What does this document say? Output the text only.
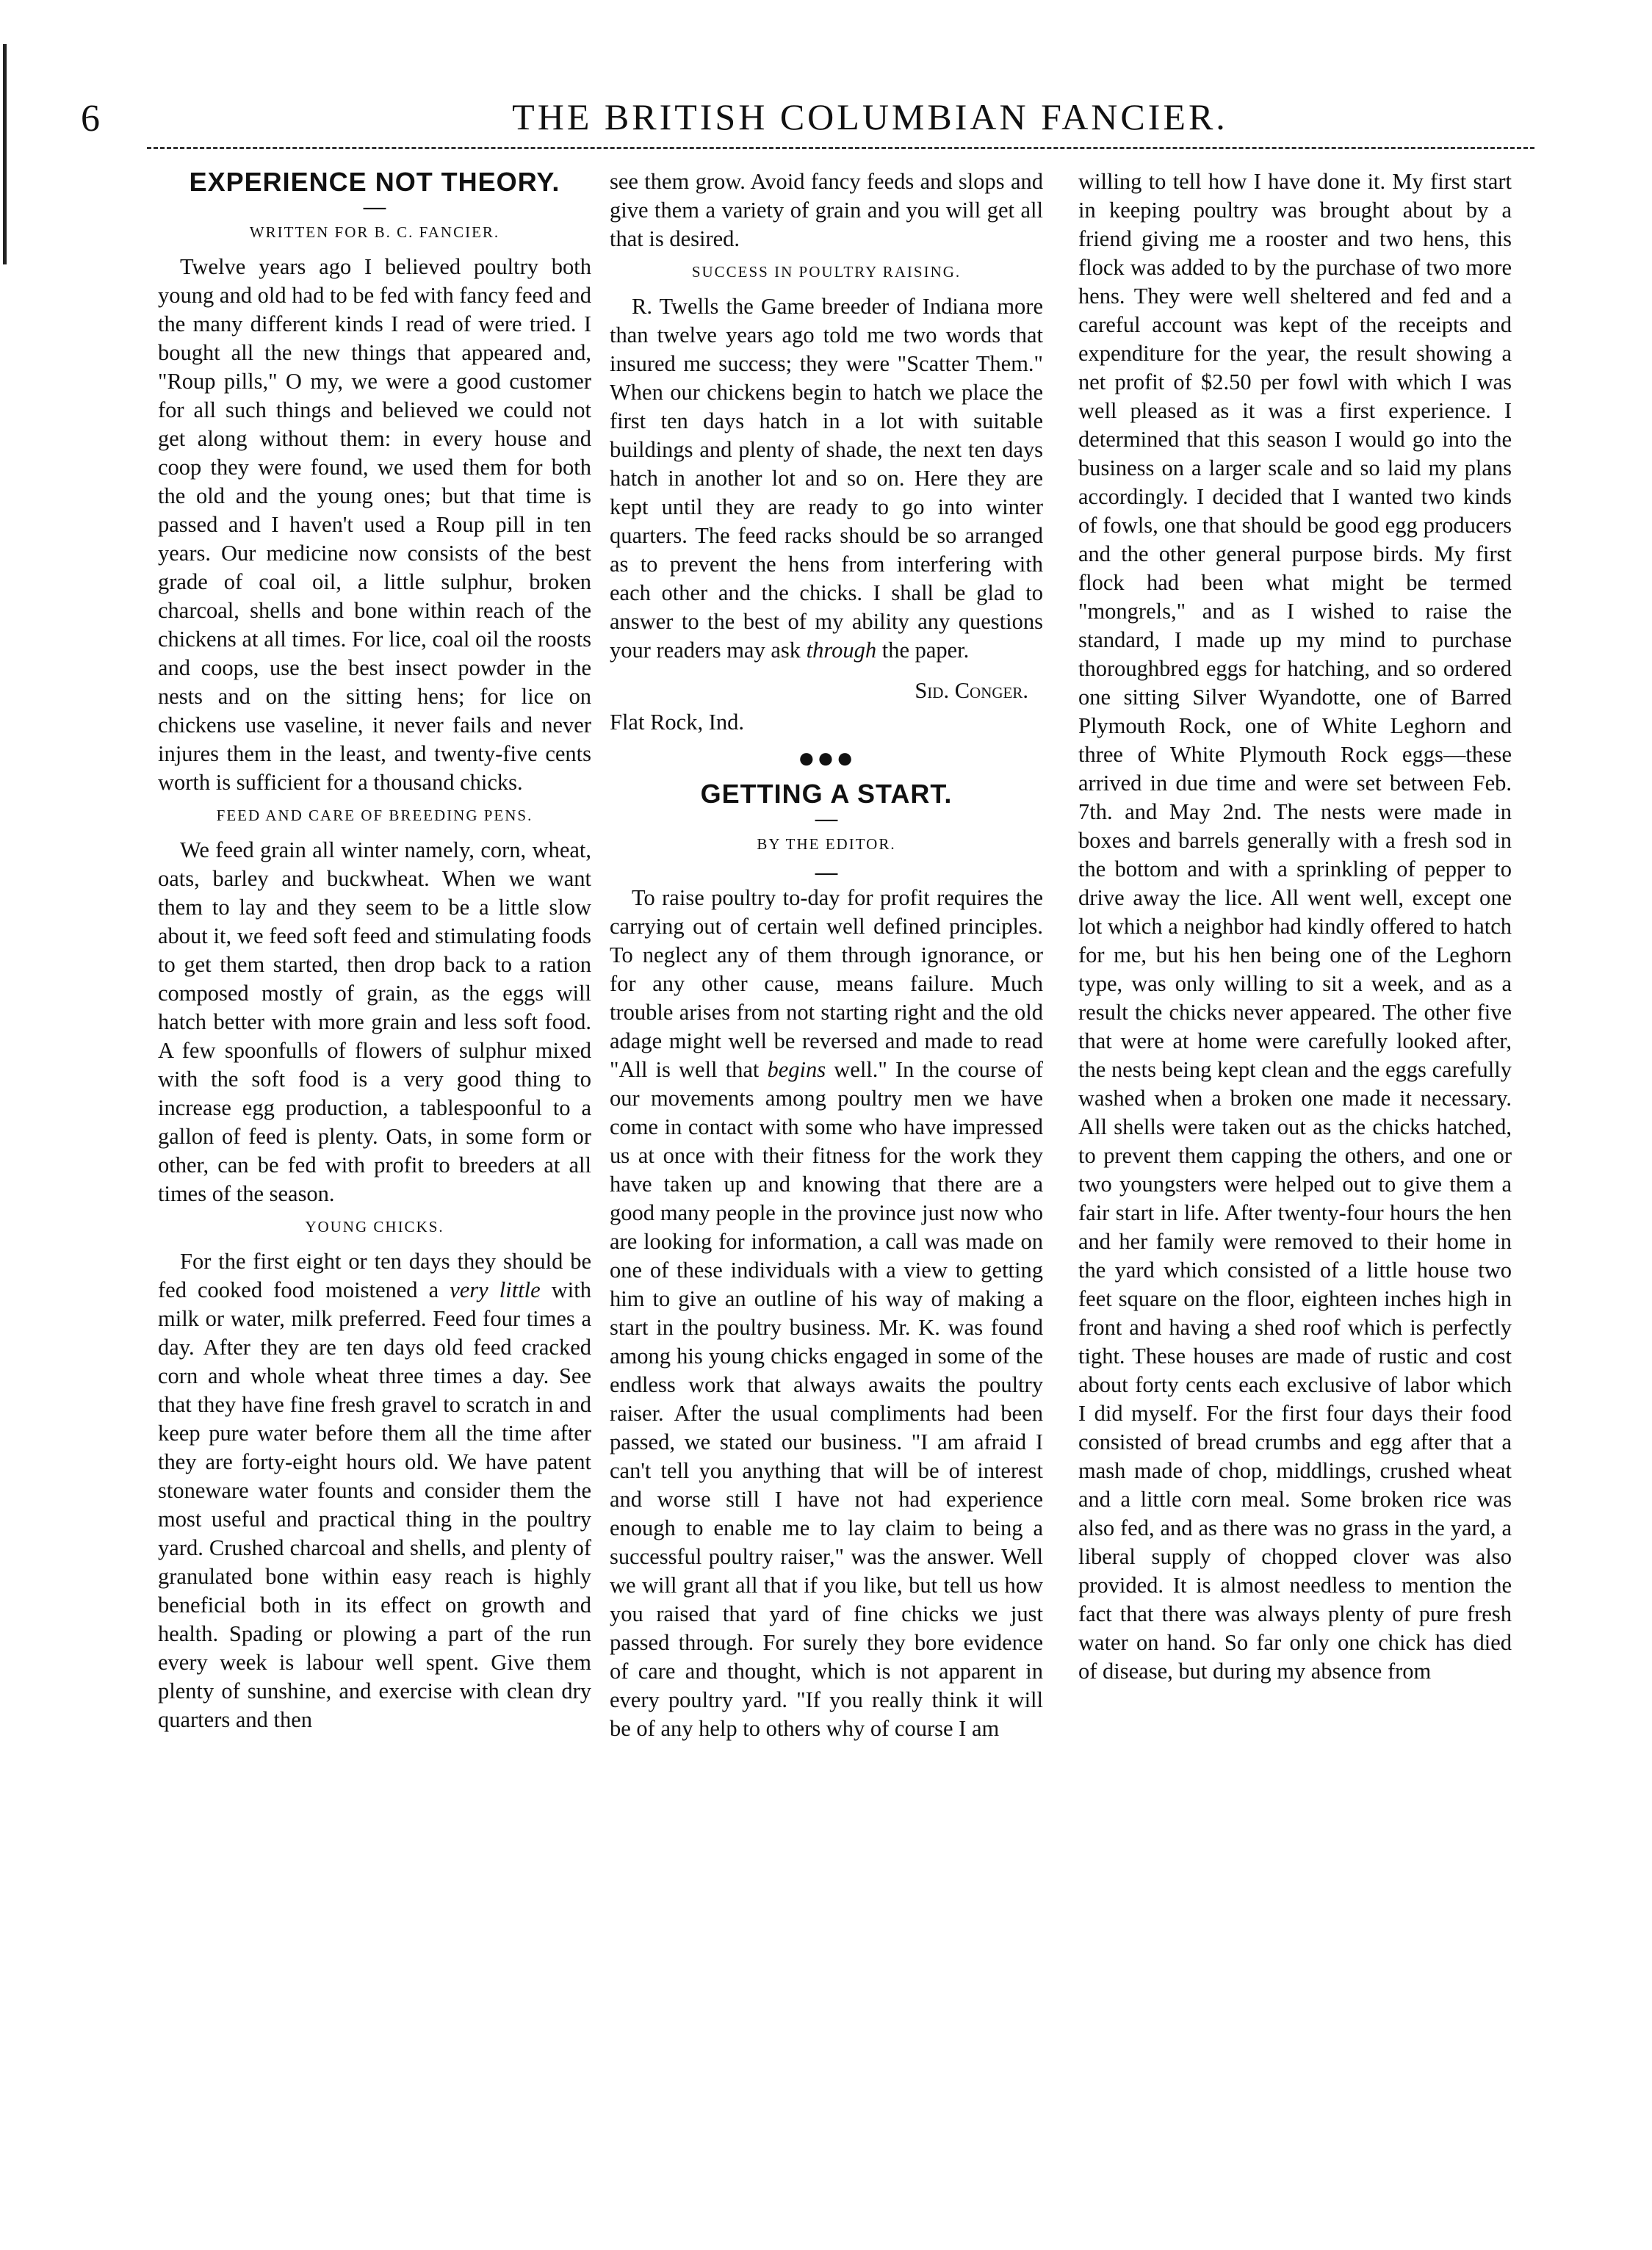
6	THE BRITISH COLUMBIAN FANCIER.
EXPERIENCE NOT THEORY.
—
WRITTEN FOR B. C. FANCIER.

Twelve years ago I believed poultry both young and old had to be fed with fancy feed and the many different kinds I read of were tried. I bought all the new things that appeared and, "Roup pills," O my, we were a good customer for all such things and believed we could not get along without them: in every house and coop they were found, we used them for both the old and the young ones; but that time is passed and I haven't used a Roup pill in ten years. Our medicine now consists of the best grade of coal oil, a little sulphur, broken charcoal, shells and bone within reach of the chickens at all times. For lice, coal oil the roosts and coops, use the best insect powder in the nests and on the sitting hens; for lice on chickens use vaseline, it never fails and never injures them in the least, and twenty-five cents worth is sufficient for a thousand chicks.

FEED AND CARE OF BREEDING PENS.

We feed grain all winter namely, corn, wheat, oats, barley and buckwheat. When we want them to lay and they seem to be a little slow about it, we feed soft feed and stimulating foods to get them started, then drop back to a ration composed mostly of grain, as the eggs will hatch better with more grain and less soft food. A few spoonfulls of flowers of sulphur mixed with the soft food is a very good thing to increase egg production, a tablespoonful to a gallon of feed is plenty. Oats, in some form or other, can be fed with profit to breeders at all times of the season.

YOUNG CHICKS.

For the first eight or ten days they should be fed cooked food moistened a very little with milk or water, milk preferred. Feed four times a day. After they are ten days old feed cracked corn and whole wheat three times a day. See that they have fine fresh gravel to scratch in and keep pure water before them all the time after they are forty-eight hours old. We have patent stoneware water founts and consider them the most useful and practical thing in the poultry yard. Crushed charcoal and shells, and plenty of granulated bone within easy reach is highly beneficial both in its effect on growth and health. Spading or plowing a part of the run every week is labour well spent. Give them plenty of sunshine, and exercise with clean dry quarters and then

see them grow. Avoid fancy feeds and slops and give them a variety of grain and you will get all that is desired.

SUCCESS IN POULTRY RAISING.

R. Twells the Game breeder of Indiana more than twelve years ago told me two words that insured me success; they were "Scatter Them." When our chickens begin to hatch we place the first ten days hatch in a lot with suitable buildings and plenty of shade, the next ten days hatch in another lot and so on. Here they are kept until they are ready to go into winter quarters. The feed racks should be so arranged as to prevent the hens from interfering with each other and the chicks. I shall be glad to answer to the best of my ability any questions your readers may ask through the paper.

Sid. Conger.
Flat Rock, Ind.
●●●
GETTING A START.
—
BY THE EDITOR.
—

To raise poultry to-day for profit requires the carrying out of certain well defined principles. To neglect any of them through ignorance, or for any other cause, means failure. Much trouble arises from not starting right and the old adage might well be reversed and made to read "All is well that begins well." In the course of our movements among poultry men we have come in contact with some who have impressed us at once with their fitness for the work they have taken up and knowing that there are a good many people in the province just now who are looking for information, a call was made on one of these individuals with a view to getting him to give an outline of his way of making a start in the poultry business. Mr. K. was found among his young chicks engaged in some of the endless work that always awaits the poultry raiser. After the usual compliments had been passed, we stated our business. "I am afraid I can't tell you anything that will be of interest and worse still I have not had experience enough to enable me to lay claim to being a successful poultry raiser," was the answer. Well we will grant all that if you like, but tell us how you raised that yard of fine chicks we just passed through. For surely they bore evidence of care and thought, which is not apparent in every poultry yard. "If you really think it will be of any help to others why of course I am

willing to tell how I have done it. My first start in keeping poultry was brought about by a friend giving me a rooster and two hens, this flock was added to by the purchase of two more hens. They were well sheltered and fed and a careful account was kept of the receipts and expenditure for the year, the result showing a net profit of $2.50 per fowl with which I was well pleased as it was a first experience. I determined that this season I would go into the business on a larger scale and so laid my plans accordingly. I decided that I wanted two kinds of fowls, one that should be good egg producers and the other general purpose birds. My first flock had been what might be termed "mongrels," and as I wished to raise the standard, I made up my mind to purchase thoroughbred eggs for hatching, and so ordered one sitting Silver Wyandotte, one of Barred Plymouth Rock, one of White Leghorn and three of White Plymouth Rock eggs—these arrived in due time and were set between Feb. 7th. and May 2nd. The nests were made in boxes and barrels generally with a fresh sod in the bottom and with a sprinkling of pepper to drive away the lice. All went well, except one lot which a neighbor had kindly offered to hatch for me, but his hen being one of the Leghorn type, was only willing to sit a week, and as a result the chicks never appeared. The other five that were at home were carefully looked after, the nests being kept clean and the eggs carefully washed when a broken one made it necessary. All shells were taken out as the chicks hatched, to prevent them capping the others, and one or two youngsters were helped out to give them a fair start in life. After twenty-four hours the hen and her family were removed to their home in the yard which consisted of a little house two feet square on the floor, eighteen inches high in front and having a shed roof which is perfectly tight. These houses are made of rustic and cost about forty cents each exclusive of labor which I did myself. For the first four days their food consisted of bread crumbs and egg after that a mash made of chop, middlings, crushed wheat and a little corn meal. Some broken rice was also fed, and as there was no grass in the yard, a liberal supply of chopped clover was also provided. It is almost needless to mention the fact that there was always plenty of pure fresh water on hand. So far only one chick has died of disease, but during my absence from
